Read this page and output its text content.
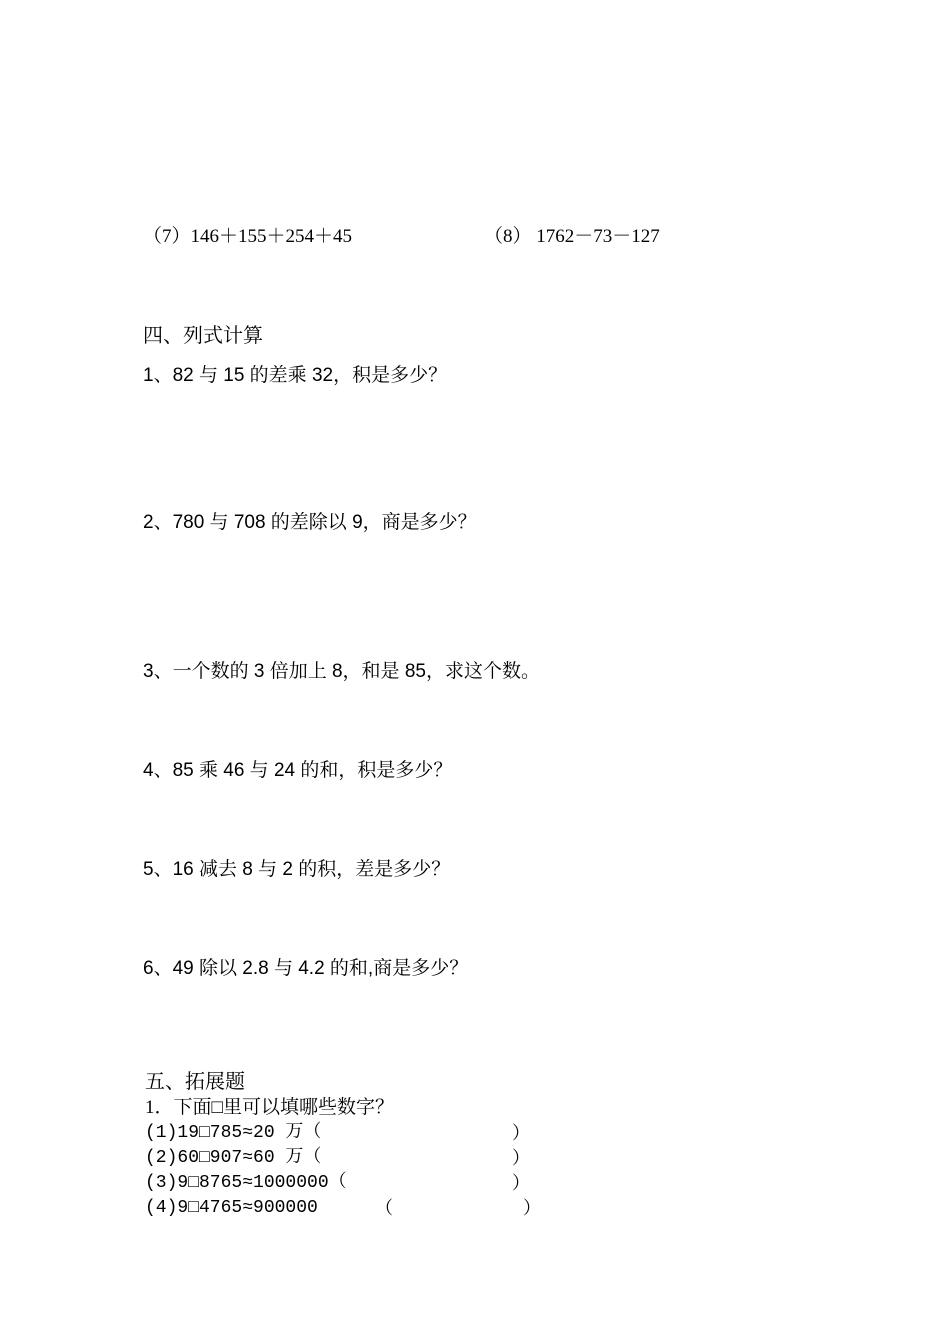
（7）146＋155＋254＋45	（8） 1762－73－127
四、列式计算
1、82 与 15 的差乘 32，积是多少？
2、780 与 708 的差除以 9，商是多少？
3、一个数的 3 倍加上 8，和是 85，求这个数。
4、85 乘 46 与 24 的和，积是多少？
5、16 减去 8 与 2 的积，差是多少？
6、49 除以 2.8 与 4.2 的和,商是多少？
五、拓展题
1．下面□里可以填哪些数字？
(1)19□785≈20 万（	）
(2)60□907≈60 万（	）
(3)9□8765≈1000000（	）
(4)9□4765≈900000	（	）
